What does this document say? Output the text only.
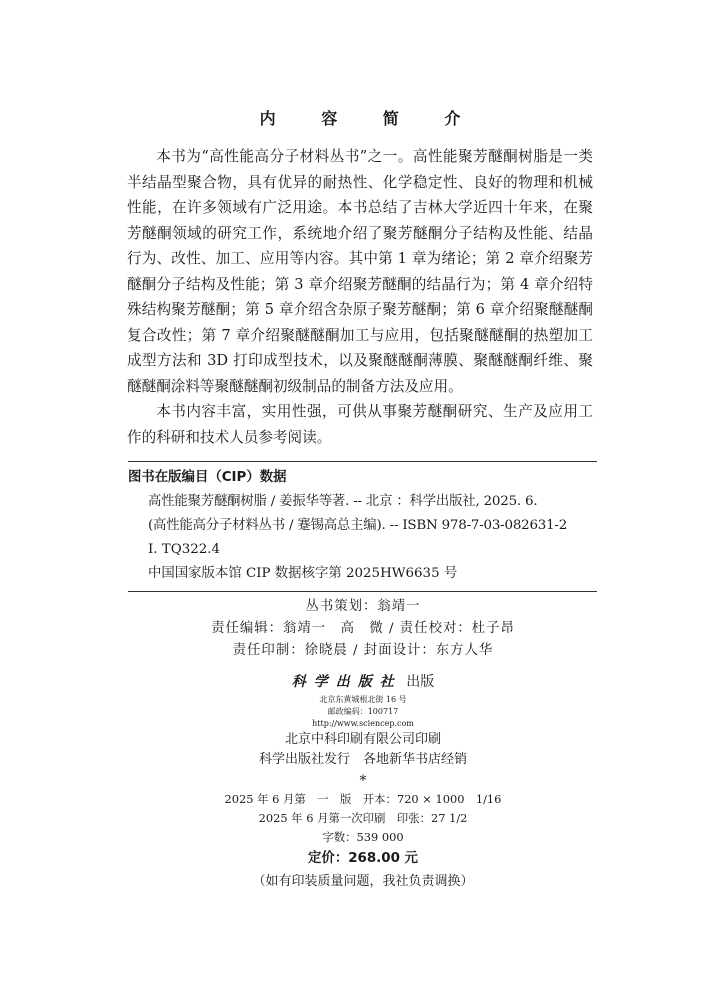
内 容 简 介

本书为“高性能高分子材料丛书”之一。高性能聚芳醚酮树脂是一类半结晶型聚合物，具有优异的耐热性、化学稳定性、良好的物理和机械性能，在许多领域有广泛用途。本书总结了吉林大学近四十年来，在聚芳醚酮领域的研究工作，系统地介绍了聚芳醚酮分子结构及性能、结晶行为、改性、加工、应用等内容。其中第 1 章为绪论；第 2 章介绍聚芳醚酮分子结构及性能；第 3 章介绍聚芳醚酮的结晶行为；第 4 章介绍特殊结构聚芳醚酮；第 5 章介绍含杂原子聚芳醚酮；第 6 章介绍聚醚醚酮复合改性；第 7 章介绍聚醚醚酮加工与应用，包括聚醚醚酮的热塑加工成型方法和 3D 打印成型技术，以及聚醚醚酮薄膜、聚醚醚酮纤维、聚醚醚酮涂料等聚醚醚酮初级制品的制备方法及应用。

本书内容丰富，实用性强，可供从事聚芳醚酮研究、生产及应用工作的科研和技术人员参考阅读。

图书在版编目（CIP）数据
高性能聚芳醚酮树脂 / 姜振华等著. -- 北京 ：科学出版社, 2025. 6.
(高性能高分子材料丛书 / 蹇锡高总主编). -- ISBN 978-7-03-082631-2
Ⅰ. TQ322.4
中国国家版本馆 CIP 数据核字第 2025HW6635 号
丛书策划：翁靖一
责任编辑：翁靖一　高　微 / 责任校对：杜子昂
责任印制：徐晓晨 / 封面设计：东方人华
科学出版社 出版
北京东黄城根北街 16 号
邮政编码：100717
http://www.sciencep.com
北京中科印刷有限公司印刷
科学出版社发行　各地新华书店经销
*
2025 年 6 月第　一　版　开本：720 × 1000　1/16
2025 年 6 月第一次印刷　印张：27 1/2
字数：539 000
定价：268.00 元
（如有印装质量问题，我社负责调换）
